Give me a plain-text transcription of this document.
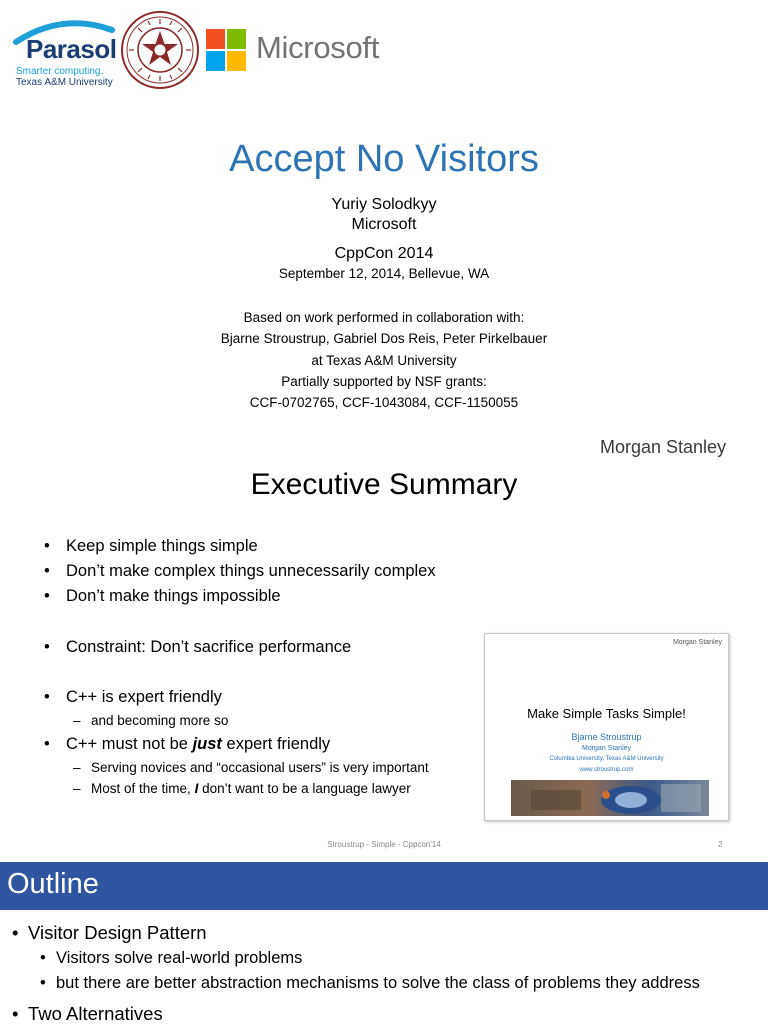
Parasol
Smarter computing.
Texas A&M University
Microsoft
Accept No Visitors
Yuriy Solodkyy
Microsoft
CppCon 2014
September 12, 2014, Bellevue, WA
Based on work performed in collaboration with:
Bjarne Stroustrup, Gabriel Dos Reis, Peter Pirkelbauer
at Texas A&M University
Partially supported by NSF grants:
CCF-0702765, CCF-1043084, CCF-1150055
Morgan Stanley
Executive Summary
• Keep simple things simple
• Don’t make complex things unnecessarily complex
• Don’t make things impossible
• Constraint: Don’t sacrifice performance
• C++ is expert friendly
– and becoming more so
• C++ must not be just expert friendly
– Serving novices and “occasional users” is very important
– Most of the time, I don’t want to be a language lawyer
Morgan Stanley
Make Simple Tasks Simple!
Bjarne Stroustrup
Morgan Stanley
Columbia University, Texas A&M University
www.stroustrup.com
Stroustrup - Simple - Cppcon'14	2
Outline
• Visitor Design Pattern
• Visitors solve real-world problems
• but there are better abstraction mechanisms to solve the class of problems they address
• Two Alternatives
